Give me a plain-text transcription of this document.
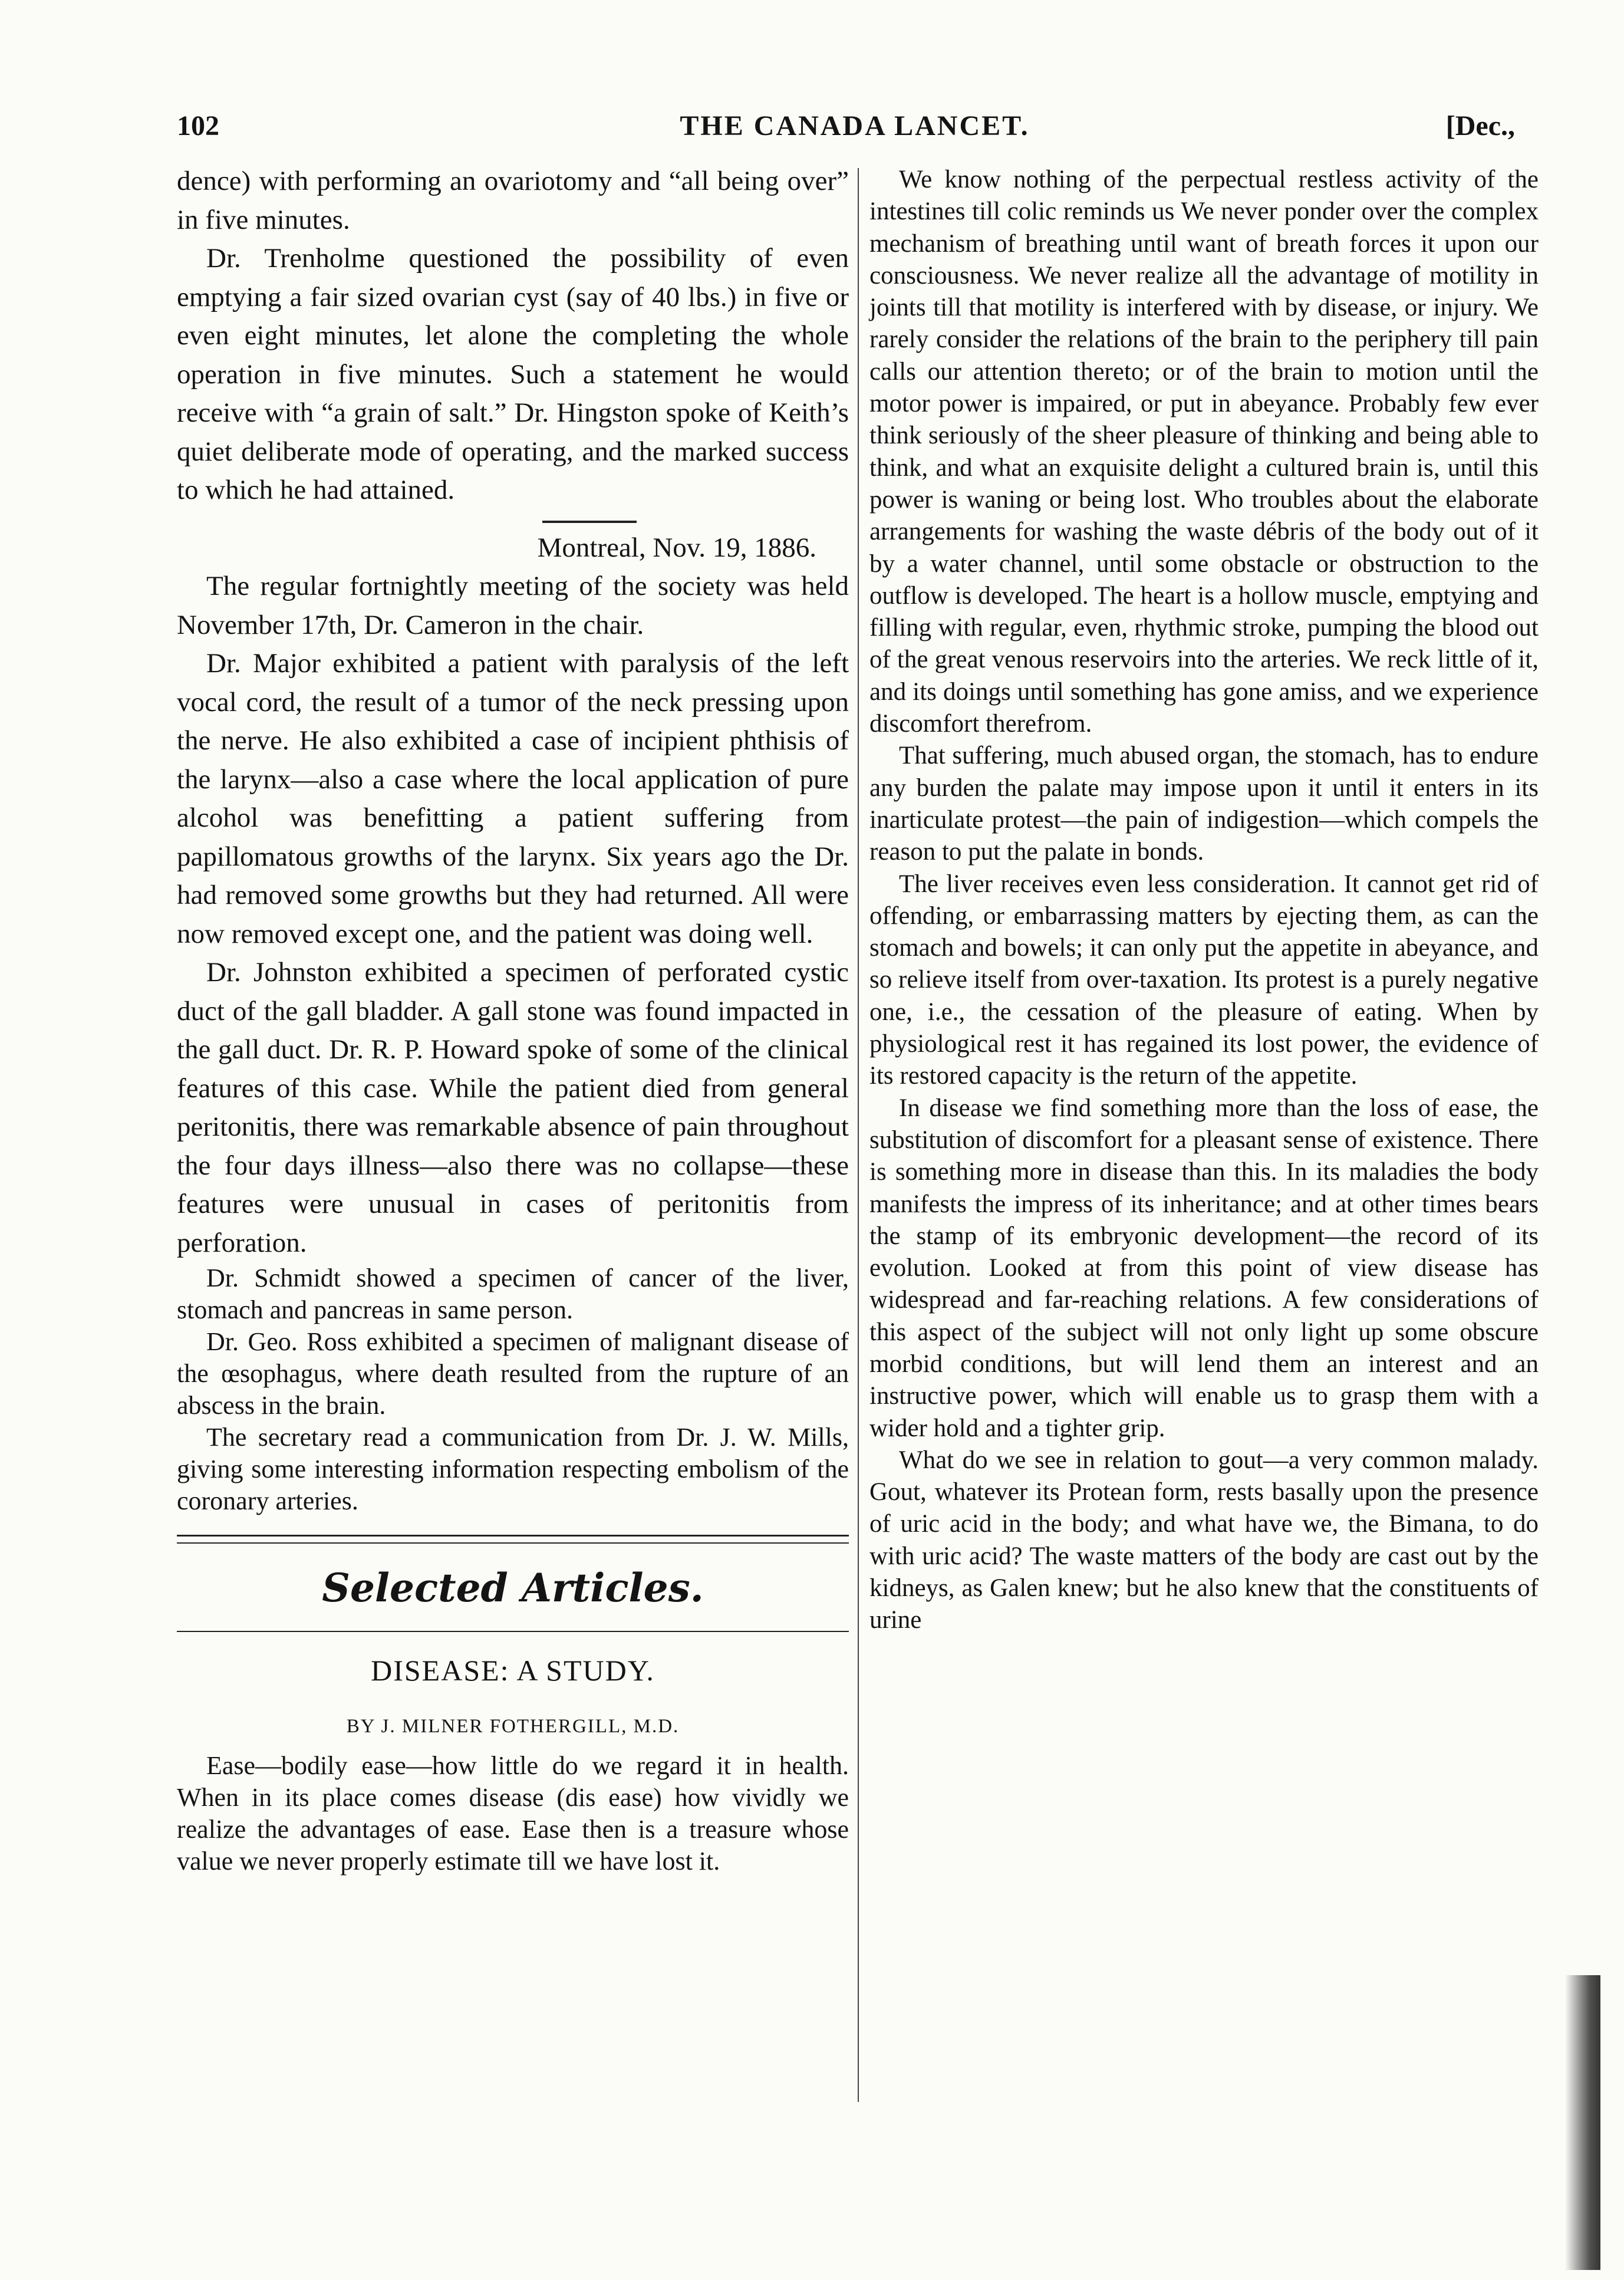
102	THE CANADA LANCET.	[Dec.,

dence) with performing an ovariotomy and “all being over” in five minutes.

Dr. Trenholme questioned the possibility of even emptying a fair sized ovarian cyst (say of 40 lbs.) in five or even eight minutes, let alone the completing the whole operation in five minutes. Such a statement he would receive with “a grain of salt.” Dr. Hingston spoke of Keith’s quiet deliberate mode of operating, and the marked success to which he had attained.

Montreal, Nov. 19, 1886.

The regular fortnightly meeting of the society was held November 17th, Dr. Cameron in the chair.

Dr. Major exhibited a patient with paralysis of the left vocal cord, the result of a tumor of the neck pressing upon the nerve. He also exhibited a case of incipient phthisis of the larynx—also a case where the local application of pure alcohol was benefitting a patient suffering from papillomatous growths of the larynx. Six years ago the Dr. had removed some growths but they had returned. All were now removed except one, and the patient was doing well.

Dr. Johnston exhibited a specimen of perforated cystic duct of the gall bladder. A gall stone was found impacted in the gall duct. Dr. R. P. Howard spoke of some of the clinical features of this case. While the patient died from general peritonitis, there was remarkable absence of pain throughout the four days illness—also there was no collapse—these features were unusual in cases of peritonitis from perforation.

Dr. Schmidt showed a specimen of cancer of the liver, stomach and pancreas in same person.

Dr. Geo. Ross exhibited a specimen of malignant disease of the œsophagus, where death resulted from the rupture of an abscess in the brain.

The secretary read a communication from Dr. J. W. Mills, giving some interesting information respecting embolism of the coronary arteries.

Selected Articles.
DISEASE: A STUDY.
BY J. MILNER FOTHERGILL, M.D.

Ease—bodily ease—how little do we regard it in health. When in its place comes disease (dis ease) how vividly we realize the advantages of ease. Ease then is a treasure whose value we never properly estimate till we have lost it.

We know nothing of the perpectual restless activity of the intestines till colic reminds us We never ponder over the complex mechanism of breathing until want of breath forces it upon our consciousness. We never realize all the advantage of motility in joints till that motility is interfered with by disease, or injury. We rarely consider the relations of the brain to the periphery till pain calls our attention thereto; or of the brain to motion until the motor power is impaired, or put in abeyance. Probably few ever think seriously of the sheer pleasure of thinking and being able to think, and what an exquisite delight a cultured brain is, until this power is waning or being lost. Who troubles about the elaborate arrangements for washing the waste débris of the body out of it by a water channel, until some obstacle or obstruction to the outflow is developed. The heart is a hollow muscle, emptying and filling with regular, even, rhythmic stroke, pumping the blood out of the great venous reservoirs into the arteries. We reck little of it, and its doings until something has gone amiss, and we experience discomfort therefrom.

That suffering, much abused organ, the stomach, has to endure any burden the palate may impose upon it until it enters in its inarticulate protest—the pain of indigestion—which compels the reason to put the palate in bonds.

The liver receives even less consideration. It cannot get rid of offending, or embarrassing matters by ejecting them, as can the stomach and bowels; it can only put the appetite in abeyance, and so relieve itself from over-taxation. Its protest is a purely negative one, i.e., the cessation of the pleasure of eating. When by physiological rest it has regained its lost power, the evidence of its restored capacity is the return of the appetite.

In disease we find something more than the loss of ease, the substitution of discomfort for a pleasant sense of existence. There is something more in disease than this. In its maladies the body manifests the impress of its inheritance; and at other times bears the stamp of its embryonic development—the record of its evolution. Looked at from this point of view disease has widespread and far-reaching relations. A few considerations of this aspect of the subject will not only light up some obscure morbid conditions, but will lend them an interest and an instructive power, which will enable us to grasp them with a wider hold and a tighter grip.

What do we see in relation to gout—a very common malady. Gout, whatever its Protean form, rests basally upon the presence of uric acid in the body; and what have we, the Bimana, to do with uric acid? The waste matters of the body are cast out by the kidneys, as Galen knew; but he also knew that the constituents of urine
